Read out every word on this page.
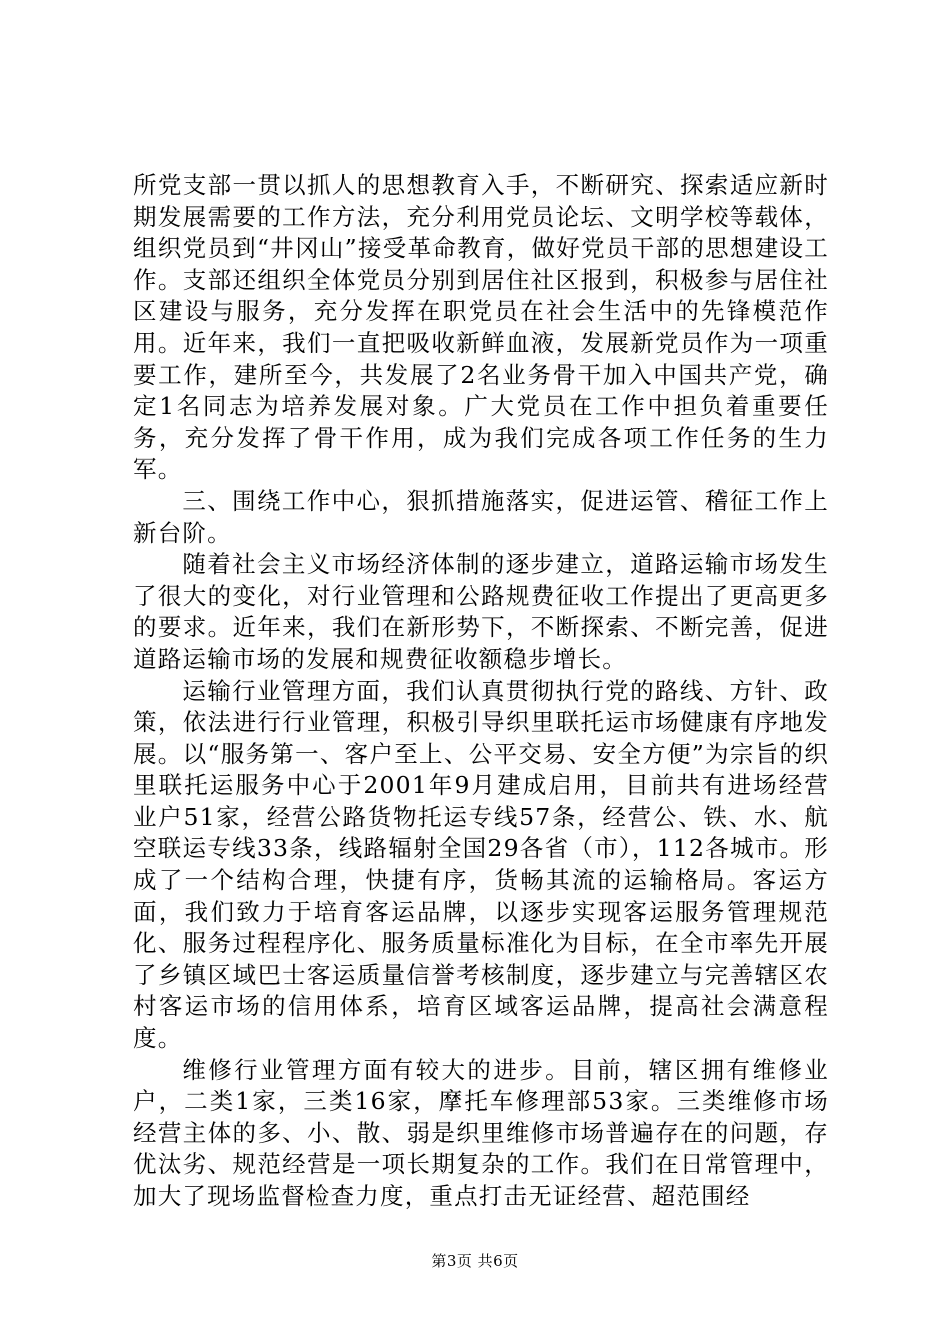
所党支部一贯以抓人的思想教育入手，不断研究、探索适应新时期发展需要的工作方法，充分利用党员论坛、文明学校等载体，组织党员到“井冈山”接受革命教育，做好党员干部的思想建设工作。支部还组织全体党员分别到居住社区报到，积极参与居住社区建设与服务，充分发挥在职党员在社会生活中的先锋模范作用。近年来，我们一直把吸收新鲜血液，发展新党员作为一项重要工作，建所至今，共发展了2名业务骨干加入中国共产党，确定1名同志为培养发展对象。广大党员在工作中担负着重要任务，充分发挥了骨干作用，成为我们完成各项工作任务的生力军。

三、围绕工作中心，狠抓措施落实，促进运管、稽征工作上新台阶。

随着社会主义市场经济体制的逐步建立，道路运输市场发生了很大的变化，对行业管理和公路规费征收工作提出了更高更多的要求。近年来，我们在新形势下，不断探索、不断完善，促进道路运输市场的发展和规费征收额稳步增长。

运输行业管理方面，我们认真贯彻执行党的路线、方针、政策，依法进行行业管理，积极引导织里联托运市场健康有序地发展。以“服务第一、客户至上、公平交易、安全方便”为宗旨的织里联托运服务中心于2001年9月建成启用，目前共有进场经营业户51家，经营公路货物托运专线57条，经营公、铁、水、航空联运专线33条，线路辐射全国29各省（市），112各城市。形成了一个结构合理，快捷有序，货畅其流的运输格局。客运方面，我们致力于培育客运品牌，以逐步实现客运服务管理规范化、服务过程程序化、服务质量标准化为目标，在全市率先开展了乡镇区域巴士客运质量信誉考核制度，逐步建立与完善辖区农村客运市场的信用体系，培育区域客运品牌，提高社会满意程度。

维修行业管理方面有较大的进步。目前，辖区拥有维修业户，二类1家，三类16家，摩托车修理部53家。三类维修市场经营主体的多、小、散、弱是织里维修市场普遍存在的问题，存优汰劣、规范经营是一项长期复杂的工作。我们在日常管理中，加大了现场监督检查力度，重点打击无证经营、超范围经

第3页 共6页
